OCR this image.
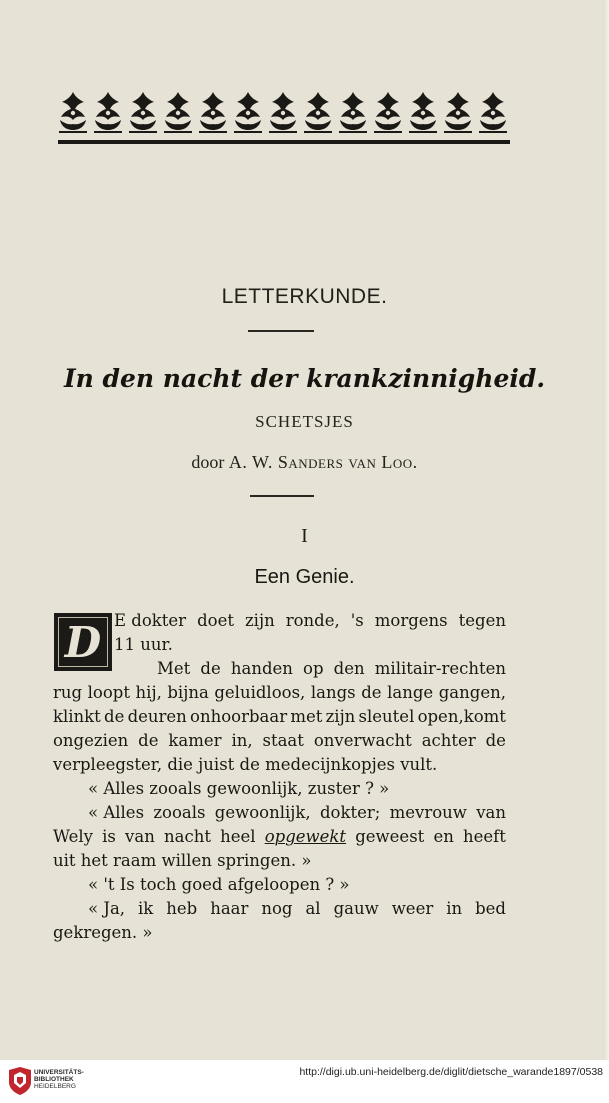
LETTERKUNDE.
In den nacht der krankzinnigheid.
SCHETSJES
door A. W. Sanders van Loo.
I
Een Genie.
D E dokter doet zijn ronde, 's morgens tegen
11 uur.
Met de handen op den militair-rechten
rug loopt hij, bijna geluidloos, langs de lange gangen,
klinkt de deuren onhoorbaar met zijn sleutel open,komt
ongezien de kamer in, staat onverwacht achter de
verpleegster, die juist de medecijnkopjes vult.
« Alles zooals gewoonlijk, zuster ? »
« Alles zooals gewoonlijk, dokter; mevrouw van
Wely is van nacht heel opgewekt geweest en heeft
uit het raam willen springen. »
« 't Is toch goed afgeloopen ? »
« Ja, ik heb haar nog al gauw weer in bed
gekregen. »
UNIVERSITÄTS-
BIBLIOTHEK
HEIDELBERG
http://digi.ub.uni-heidelberg.de/diglit/dietsche_warande1897/0538
